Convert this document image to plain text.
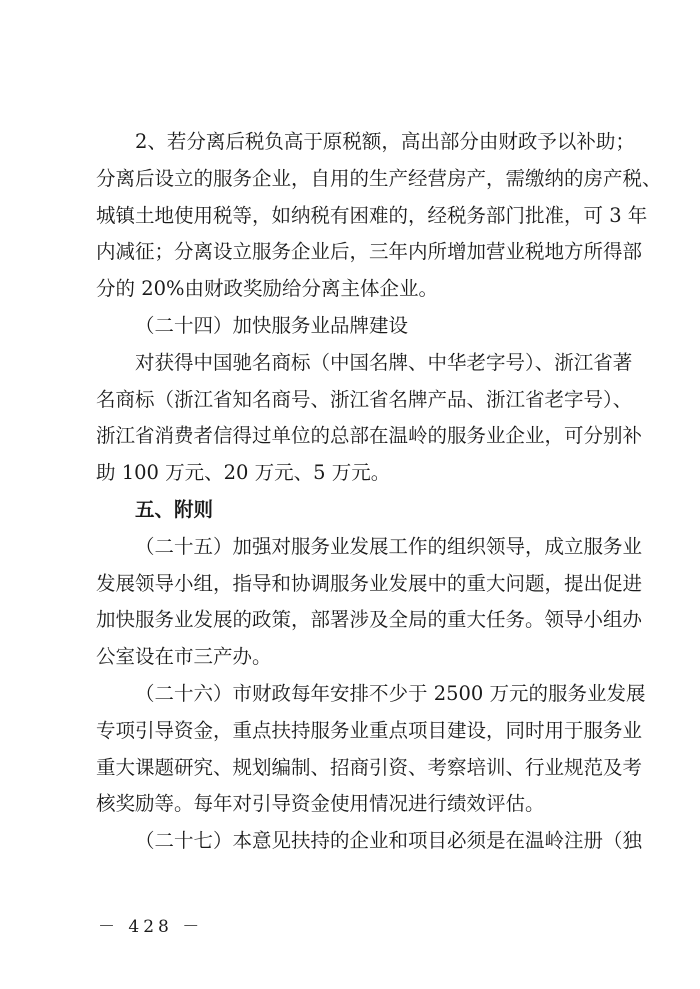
2、若分离后税负高于原税额，高出部分由财政予以补助；
分离后设立的服务企业，自用的生产经营房产，需缴纳的房产税、
城镇土地使用税等，如纳税有困难的，经税务部门批准，可 3 年
内减征；分离设立服务企业后，三年内所增加营业税地方所得部
分的 20%由财政奖励给分离主体企业。
（二十四）加快服务业品牌建设
对获得中国驰名商标（中国名牌、中华老字号）、浙江省著
名商标（浙江省知名商号、浙江省名牌产品、浙江省老字号）、
浙江省消费者信得过单位的总部在温岭的服务业企业，可分别补
助 100 万元、20 万元、5 万元。
五、附则
（二十五）加强对服务业发展工作的组织领导，成立服务业
发展领导小组，指导和协调服务业发展中的重大问题，提出促进
加快服务业发展的政策，部署涉及全局的重大任务。领导小组办
公室设在市三产办。
（二十六）市财政每年安排不少于 2500 万元的服务业发展
专项引导资金，重点扶持服务业重点项目建设，同时用于服务业
重大课题研究、规划编制、招商引资、考察培训、行业规范及考
核奖励等。每年对引导资金使用情况进行绩效评估。
（二十七）本意见扶持的企业和项目必须是在温岭注册（独
－ 428 －
